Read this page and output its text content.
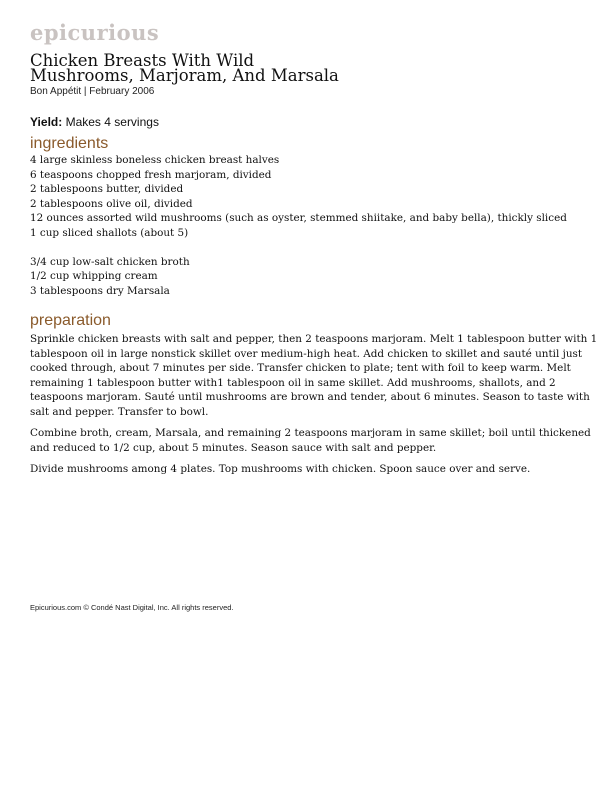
epicurious
Chicken Breasts With Wild
Mushrooms, Marjoram, And Marsala
Bon Appétit | February 2006
Yield: Makes 4 servings
ingredients
4 large skinless boneless chicken breast halves
6 teaspoons chopped fresh marjoram, divided
2 tablespoons butter, divided
2 tablespoons olive oil, divided
12 ounces assorted wild mushrooms (such as oyster, stemmed shiitake, and baby bella), thickly sliced
1 cup sliced shallots (about 5)
3/4 cup low-salt chicken broth
1/2 cup whipping cream
3 tablespoons dry Marsala
preparation

Sprinkle chicken breasts with salt and pepper, then 2 teaspoons marjoram. Melt 1 tablespoon butter with 1 tablespoon oil in large nonstick skillet over medium-high heat. Add chicken to skillet and sauté until just cooked through, about 7 minutes per side. Transfer chicken to plate; tent with foil to keep warm. Melt remaining 1 tablespoon butter with1 tablespoon oil in same skillet. Add mushrooms, shallots, and 2 teaspoons marjoram. Sauté until mushrooms are brown and tender, about 6 minutes. Season to taste with salt and pepper. Transfer to bowl.

Combine broth, cream, Marsala, and remaining 2 teaspoons marjoram in same skillet; boil until thickened and reduced to 1/2 cup, about 5 minutes. Season sauce with salt and pepper.

Divide mushrooms among 4 plates. Top mushrooms with chicken. Spoon sauce over and serve.

Epicurious.com © Condé Nast Digital, Inc. All rights reserved.
